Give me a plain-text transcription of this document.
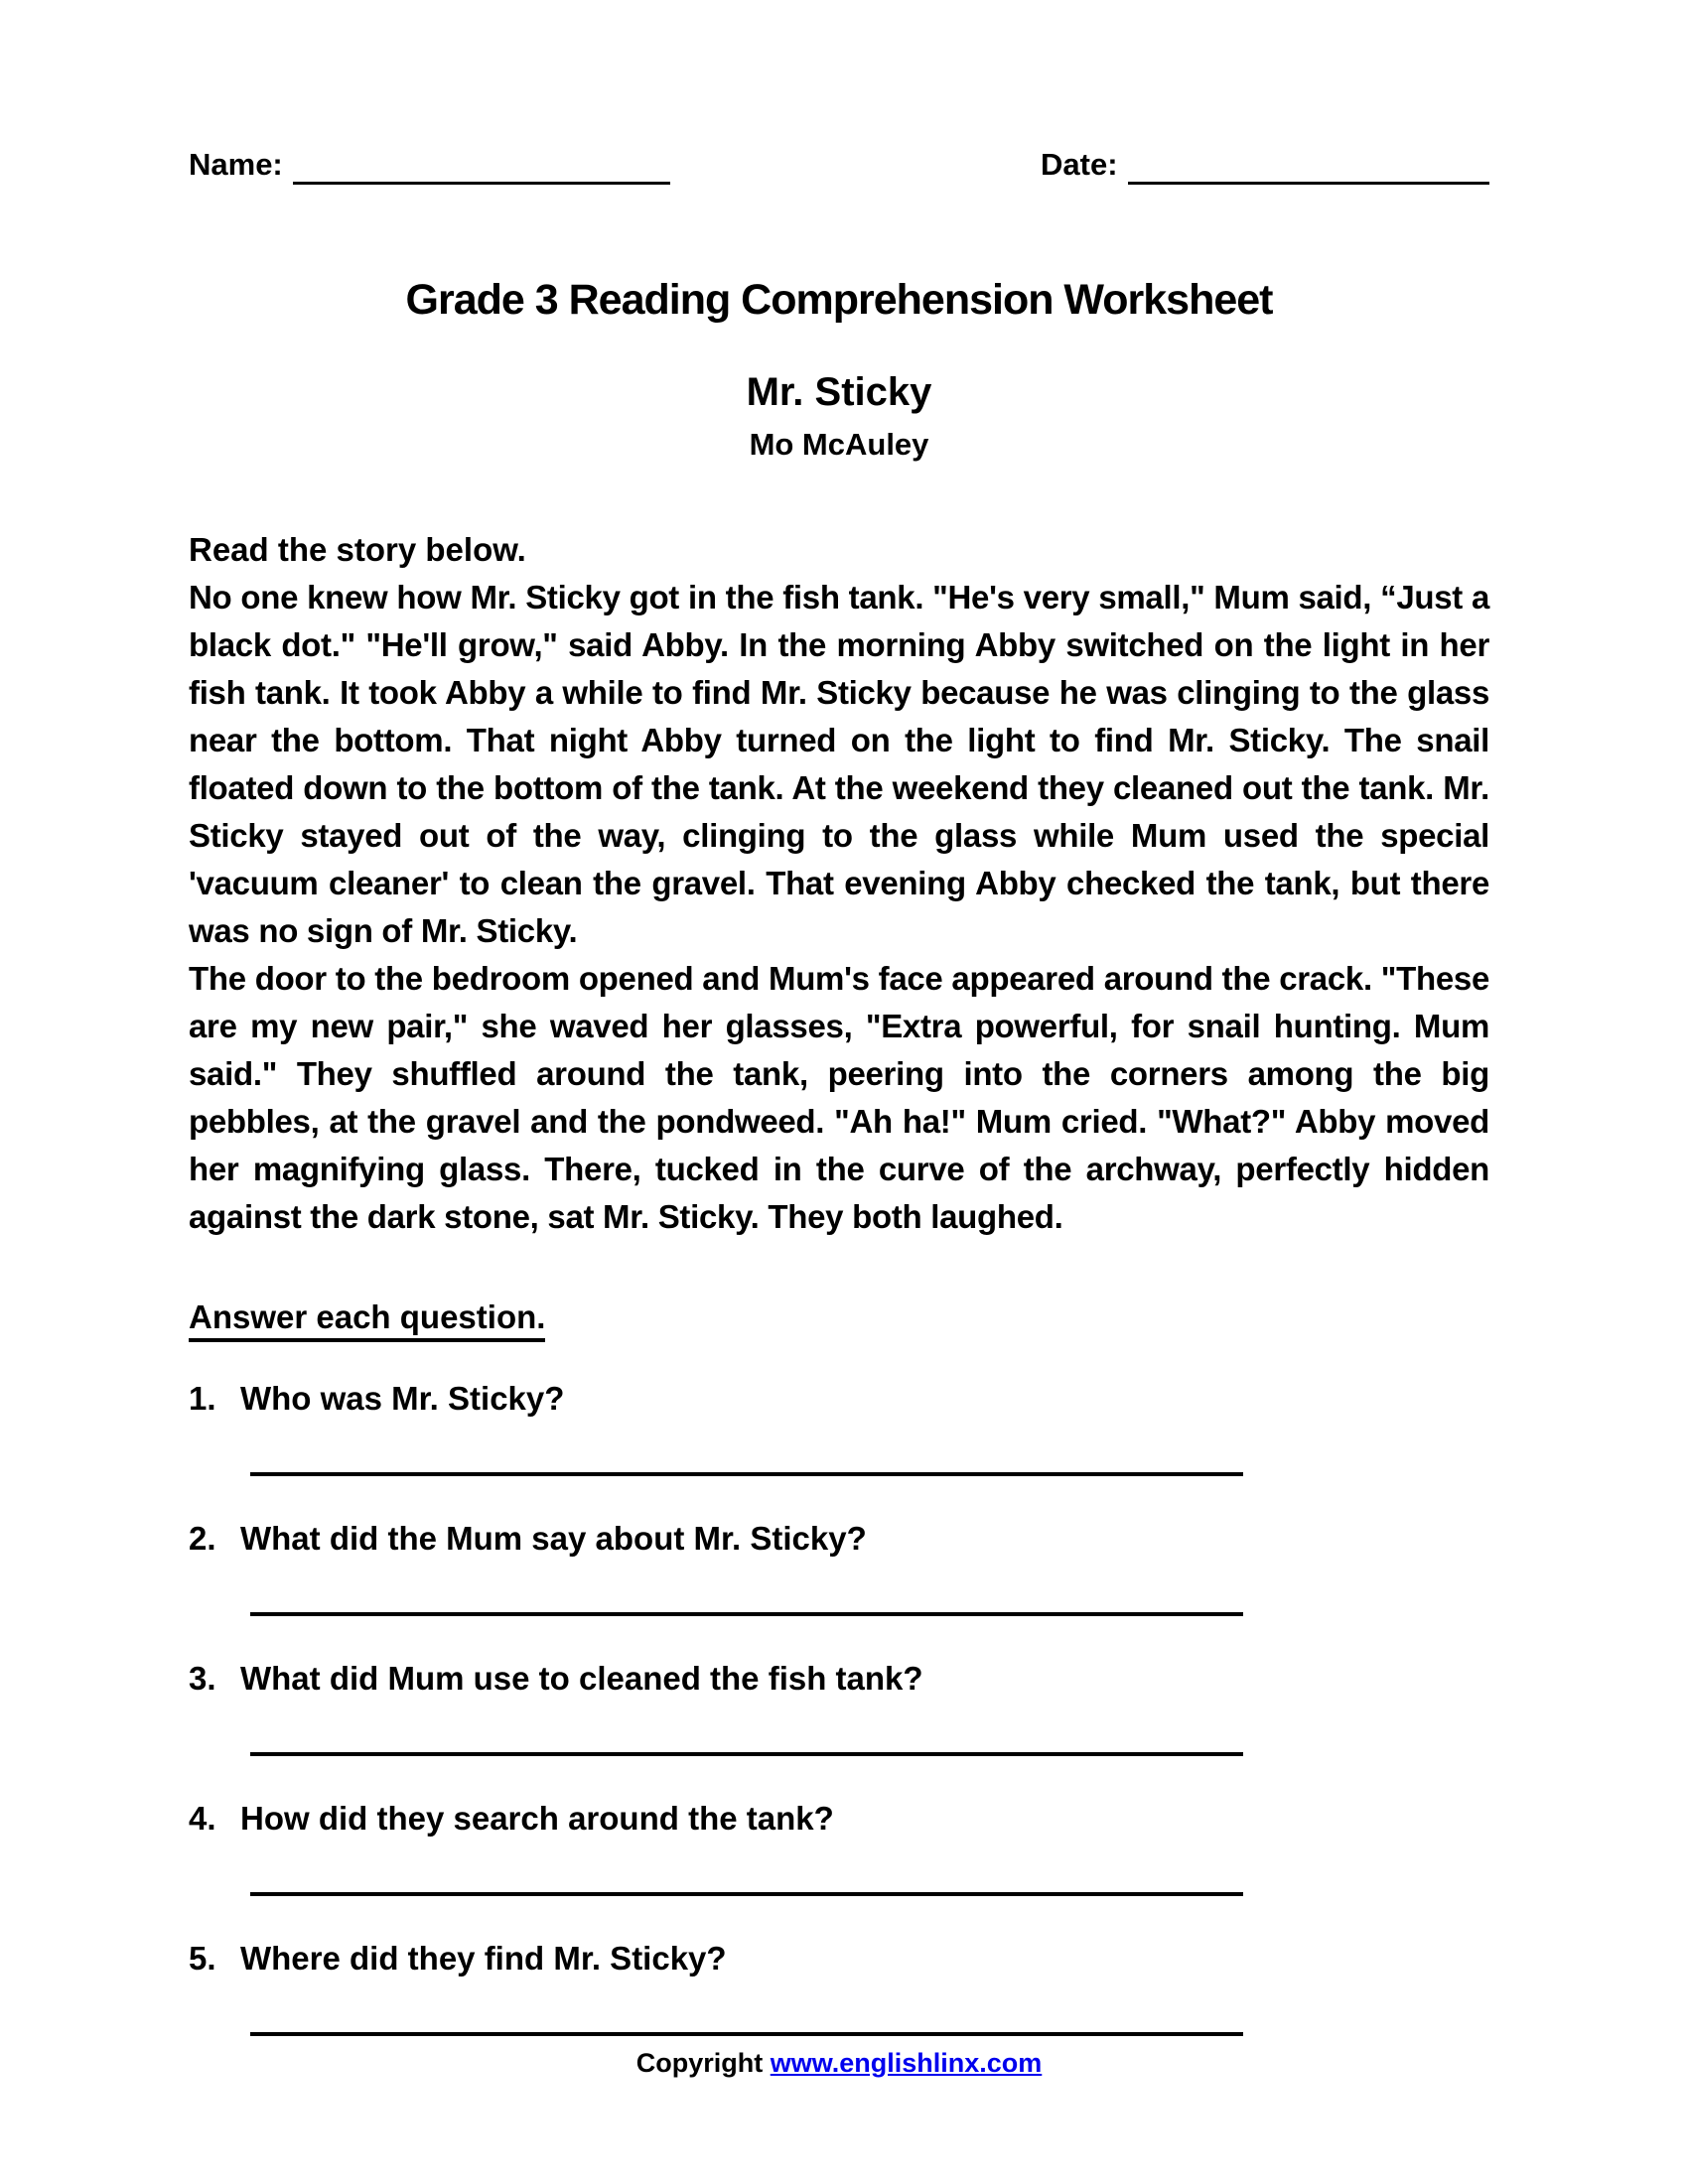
Name:	Date:
Grade 3 Reading Comprehension Worksheet
Mr. Sticky
Mo McAuley
Read the story below.

No one knew how Mr. Sticky got in the fish tank. "He's very small," Mum said, “Just a black dot." "He'll grow," said Abby. In the morning Abby switched on the light in her fish tank. It took Abby a while to find Mr. Sticky because he was clinging to the glass near the bottom. That night Abby turned on the light to find Mr. Sticky. The snail floated down to the bottom of the tank. At the weekend they cleaned out the tank. Mr. Sticky stayed out of the way, clinging to the glass while Mum used the special 'vacuum cleaner' to clean the gravel. That evening Abby checked the tank, but there was no sign of Mr. Sticky.

The door to the bedroom opened and Mum's face appeared around the crack. "These are my new pair," she waved her glasses, "Extra powerful, for snail hunting. Mum said." They shuffled around the tank, peering into the corners among the big pebbles, at the gravel and the pondweed. "Ah ha!" Mum cried. "What?" Abby moved her magnifying glass. There, tucked in the curve of the archway, perfectly hidden against the dark stone, sat Mr. Sticky. They both laughed.

Answer each question.
1. Who was Mr. Sticky?
2. What did the Mum say about Mr. Sticky?
3. What did Mum use to cleaned the fish tank?
4. How did they search around the tank?
5. Where did they find Mr. Sticky?
Copyright www.englishlinx.com
